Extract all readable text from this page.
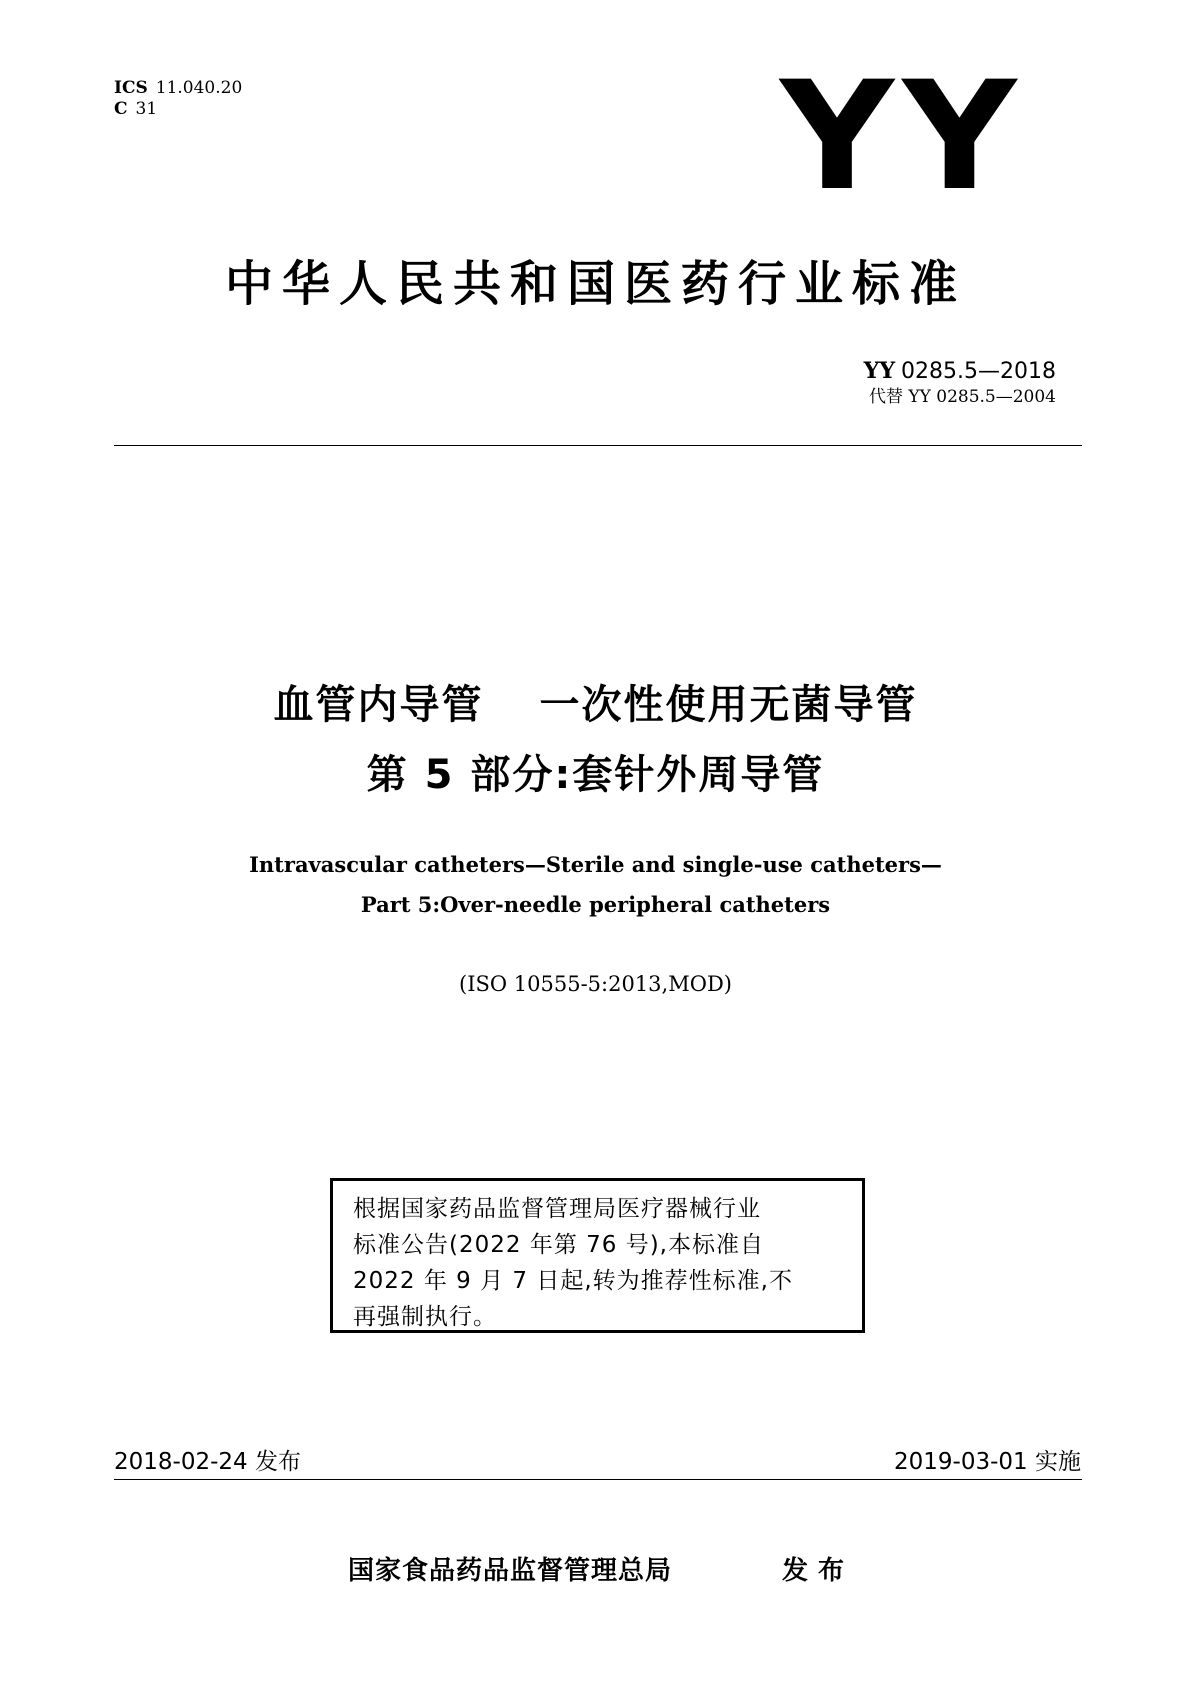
ICS 11.040.20
C 31	YY
中华人民共和国医药行业标准
YY 0285.5—2018
代替 YY 0285.5—2004
血管内导管 一次性使用无菌导管
第 5 部分:套针外周导管
Intravascular catheters—Sterile and single-use catheters—
Part 5:Over-needle peripheral catheters
(ISO 10555-5:2013,MOD)
根据国家药品监督管理局医疗器械行业
标准公告(2022 年第 76 号),本标准自
2022 年 9 月 7 日起,转为推荐性标准,不
再强制执行。
2018-02-24 发布	2019-03-01 实施
国家食品药品监督管理总局	发布
